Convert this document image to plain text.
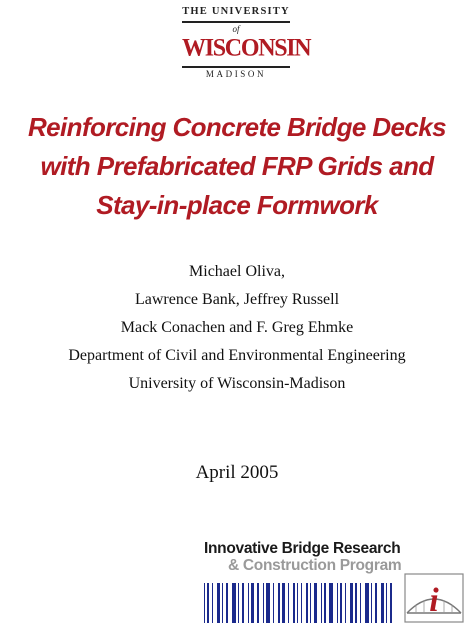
THE UNIVERSITY
of
WISCONSIN
MADISON
Reinforcing Concrete Bridge Decks
with Prefabricated FRP Grids and
Stay-in-place Formwork
Michael Oliva,
Lawrence Bank, Jeffrey Russell
Mack Conachen and F. Greg Ehmke
Department of Civil and Environmental Engineering
University of Wisconsin-Madison
April 2005
Innovative Bridge Research
& Construction Program
i
